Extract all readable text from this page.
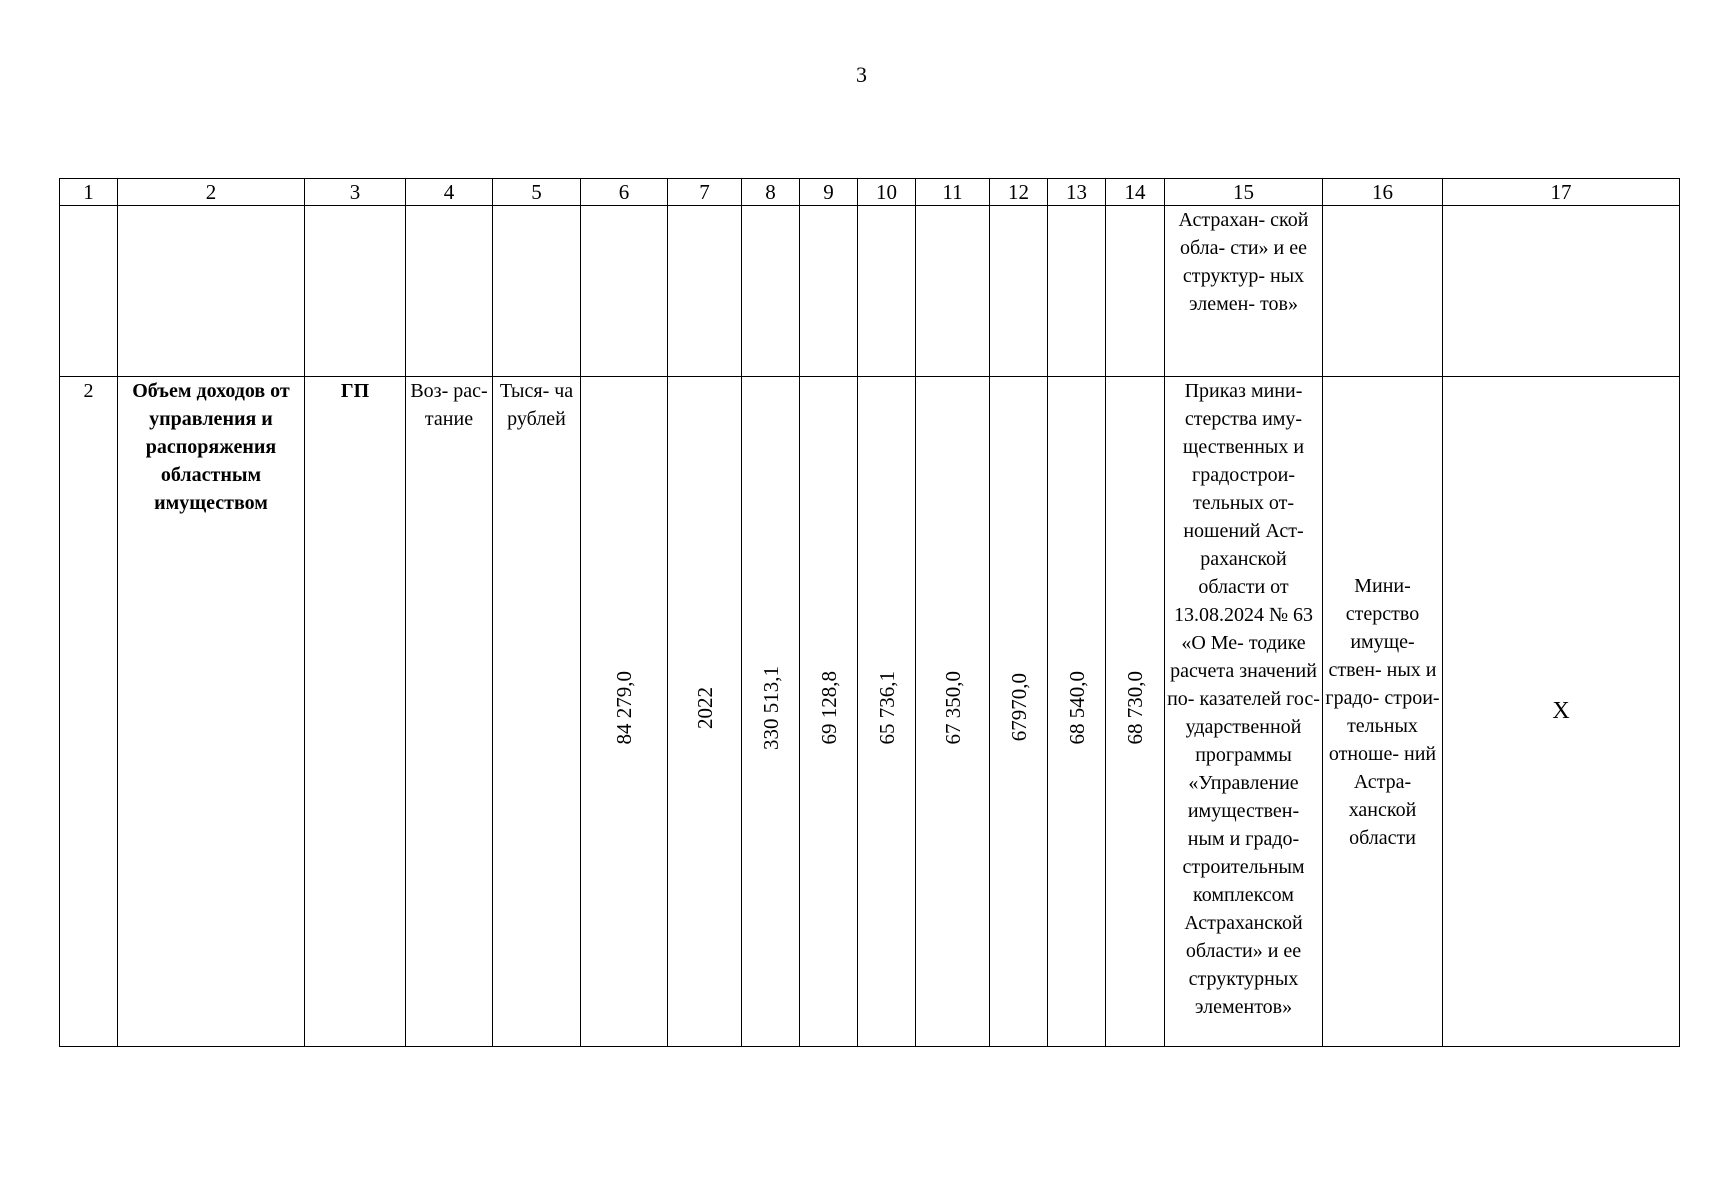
3
1	2	3	4	5	6	7	8	9	10	11	12	13	14	15	16	17

														Астрахан- ской обла- сти» и ее структур- ных элемен- тов»		

2	Объем доходов от управления и распоряжения областным имуществом	ГП	Воз- рас- тание	Тыся- ча рублей	84 279,0	2022	330 513,1	69 128,8	65 736,1	67 350,0	67970,0	68 540,0	68 730,0	Приказ мини- стерства иму- щественных и градострои- тельных от- ношений Аст- раханской области от 13.08.2024 № 63 «О Ме- тодике расчета значений по- казателей гос- ударственной программы «Управление имуществен- ным и градо- строительным комплексом Астраханской области» и ее структурных элементов»	Мини- стерство имуще- ствен- ных и градо- строи- тельных отноше- ний Астра- ханской области	X
